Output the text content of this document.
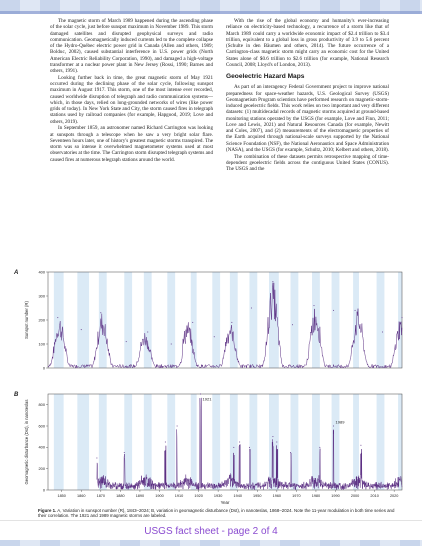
The magnetic storm of March 1989 happened during the ascending phase of the solar cycle, just before sunspot maximum in November 1989. This storm damaged satellites and disrupted geophysical surveys and radio communication. Geomagnetically induced currents led to the complete collapse of the Hydro-Québec electric power grid in Canada (Allen and others, 1989; Bolduc, 2002), caused substantial interference in U.S. power grids (North American Electric Reliability Corporation, 1990), and damaged a high-voltage transformer at a nuclear power plant in New Jersey (Rossi, 1990; Barnes and others, 1991).

Looking further back in time, the great magnetic storm of May 1921 occurred during the declining phase of the solar cycle, following sunspot maximum in August 1917. This storm, one of the most intense ever recorded, caused worldwide disruption of telegraph and radio communication systems—which, in those days, relied on long-grounded networks of wires (like power grids of today). In New York State and City, the storm caused fires in telegraph stations used by railroad companies (for example, Hapgood, 2019; Love and others, 2019).

In September 1859, an astronomer named Richard Carrington was looking at sunspots through a telescope when he saw a very bright solar flare. Seventeen hours later, one of history's greatest magnetic storms transpired. The storm was so intense it overwhelmed magnetometer systems used at most observatories at the time. The Carrington storm disrupted telegraph systems and caused fires at numerous telegraph stations around the world.

With the rise of the global economy and humanity's ever-increasing reliance on electricity-based technology, a recurrence of a storm like that of March 1989 could carry a worldwide economic impact of $2.4 trillion to $3.4 trillion, equivalent to a global loss in gross productivity of 3.9 to 5.6 percent (Schulte in den Bäumen and others, 2014). The future occurrence of a Carrington-class magnetic storm might carry an economic cost for the United States alone of $0.6 trillion to $2.6 trillion (for example, National Research Council, 2008; Lloyd's of London, 2013).

Geoelectric Hazard Maps

As part of an interagency Federal Government project to improve national preparedness for space-weather hazards, U.S. Geological Survey (USGS) Geomagnetism Program scientists have performed research on magnetic-storm-induced geoelectric fields. This work relies on two important and very different datasets: (1) multidecadal records of magnetic storms acquired at ground-based monitoring stations operated by the USGS (for example, Love and Finn, 2011; Love and Lewis, 2021) and Natural Resources Canada (for example, Newitt and Coles, 2007), and (2) measurements of the electromagnetic properties of the Earth acquired through national-scale surveys supported by the National Science Foundation (NSF), the National Aeronautics and Space Administration (NASA), and the USGS (for example, Schultz, 2010; Kelbert and others, 2018).

The combination of these datasets permits retrospective mapping of time-dependent geoelectric fields across the contiguous United States (CONUS). The USGS and the

0
100
200
300
400
Sunspot number (R)
A
0
200
400
600
800
Geomagnetic disturbance (Dst), in nanoteslas
B
1850	1860	1870	1880	1890	1900	1910	1920	1930	1940	1950	1960	1970	1980	1990	2000	2010	2020
Year
1921
1989
Figure 1. A, Variation in sunspot number (R), 1843–2024; B, variation in geomagnetic disturbance (Dst), in nanoteslas, 1868–2024. Note the 11-year modulation in both time series and their correlation. The 1921 and 1989 magnetic storms are labeled.
USGS fact sheet - page 2 of 4
